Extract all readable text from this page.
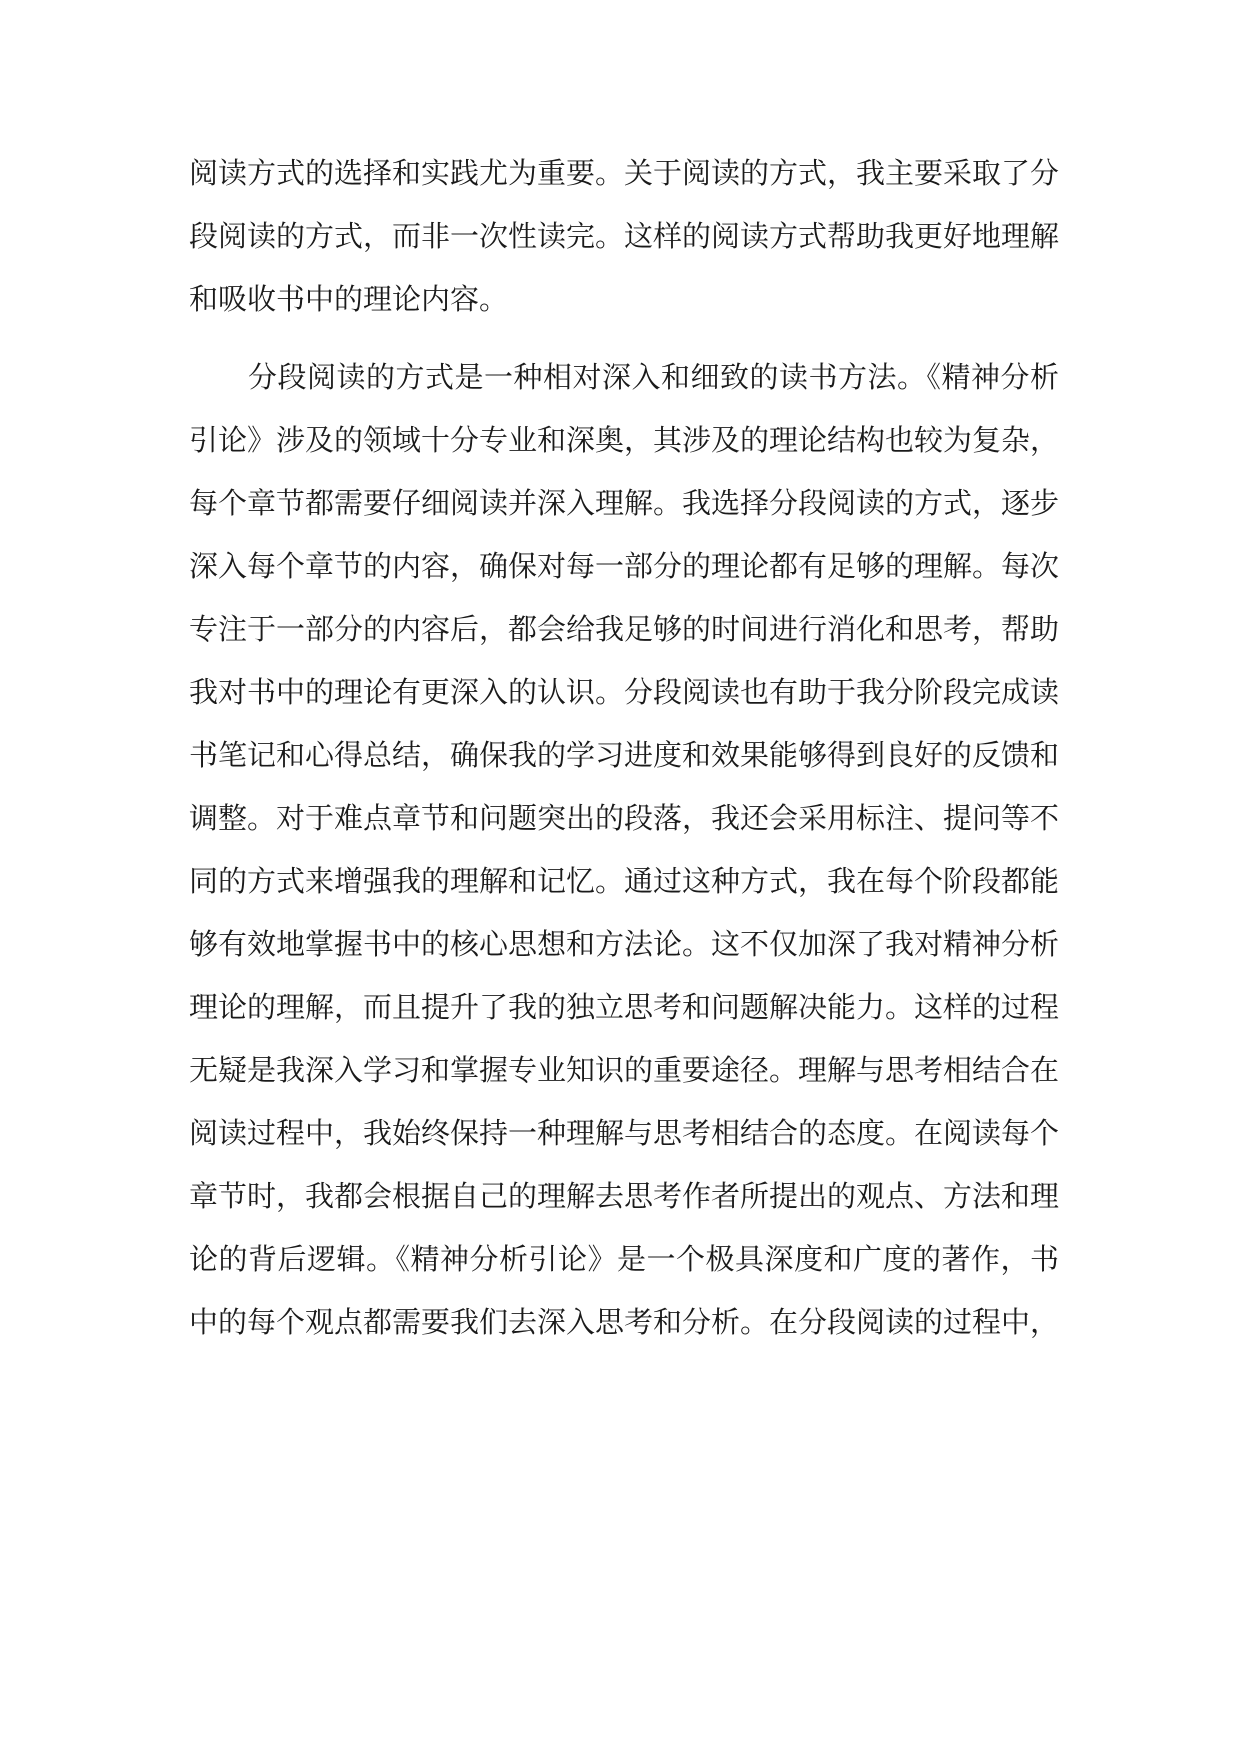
阅读方式的选择和实践尤为重要。关于阅读的方式，我主要采取了分
段阅读的方式，而非一次性读完。这样的阅读方式帮助我更好地理解
和吸收书中的理论内容。
　　分段阅读的方式是一种相对深入和细致的读书方法。《精神分析
引论》涉及的领域十分专业和深奥，其涉及的理论结构也较为复杂，
每个章节都需要仔细阅读并深入理解。我选择分段阅读的方式，逐步
深入每个章节的内容，确保对每一部分的理论都有足够的理解。每次
专注于一部分的内容后，都会给我足够的时间进行消化和思考，帮助
我对书中的理论有更深入的认识。分段阅读也有助于我分阶段完成读
书笔记和心得总结，确保我的学习进度和效果能够得到良好的反馈和
调整。对于难点章节和问题突出的段落，我还会采用标注、提问等不
同的方式来增强我的理解和记忆。通过这种方式，我在每个阶段都能
够有效地掌握书中的核心思想和方法论。这不仅加深了我对精神分析
理论的理解，而且提升了我的独立思考和问题解决能力。这样的过程
无疑是我深入学习和掌握专业知识的重要途径。理解与思考相结合在
阅读过程中，我始终保持一种理解与思考相结合的态度。在阅读每个
章节时，我都会根据自己的理解去思考作者所提出的观点、方法和理
论的背后逻辑。《精神分析引论》是一个极具深度和广度的著作，书
中的每个观点都需要我们去深入思考和分析。在分段阅读的过程中，
